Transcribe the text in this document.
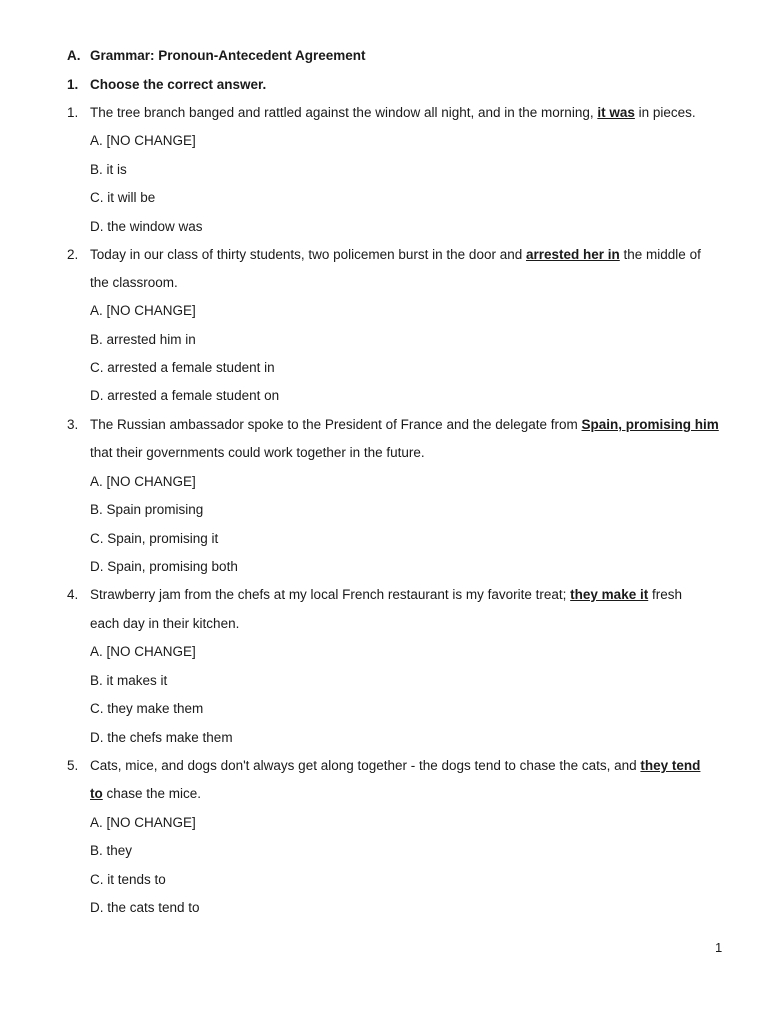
A. Grammar: Pronoun-Antecedent Agreement
1. Choose the correct answer.
1. The tree branch banged and rattled against the window all night, and in the morning, it was in pieces.
A. [NO CHANGE]
B. it is
C. it will be
D. the window was
2. Today in our class of thirty students, two policemen burst in the door and arrested her in the middle of
the classroom.
A. [NO CHANGE]
B. arrested him in
C. arrested a female student in
D. arrested a female student on
3. The Russian ambassador spoke to the President of France and the delegate from Spain, promising him
that their governments could work together in the future.
A. [NO CHANGE]
B. Spain promising
C. Spain, promising it
D. Spain, promising both
4. Strawberry jam from the chefs at my local French restaurant is my favorite treat; they make it fresh
each day in their kitchen.
A. [NO CHANGE]
B. it makes it
C. they make them
D. the chefs make them
5. Cats, mice, and dogs don't always get along together - the dogs tend to chase the cats, and they tend
to chase the mice.
A. [NO CHANGE]
B. they
C. it tends to
D. the cats tend to
1
